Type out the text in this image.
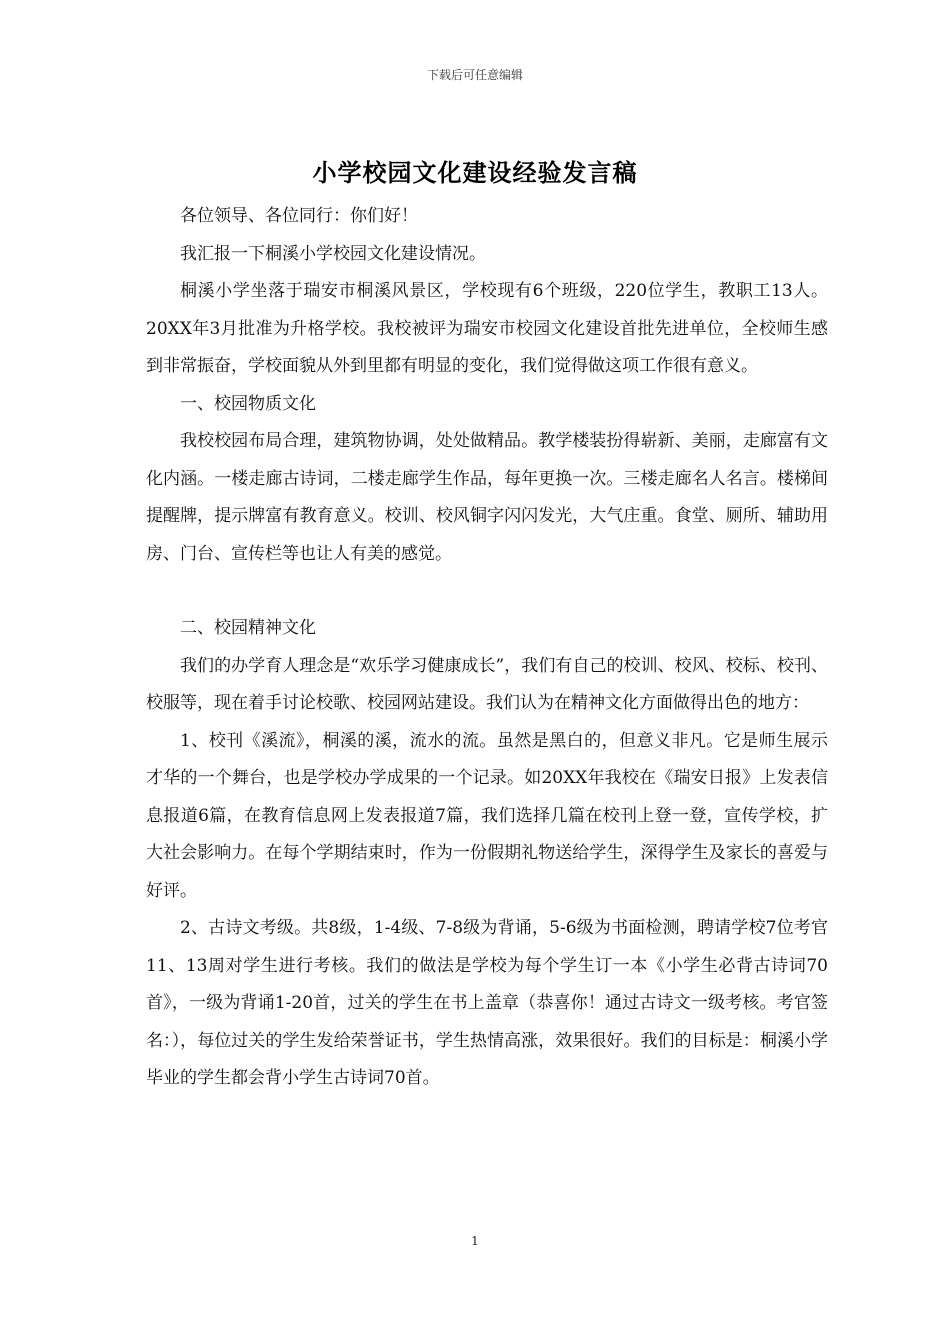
下载后可任意编辑
小学校园文化建设经验发言稿

各位领导、各位同行：你们好！

我汇报一下桐溪小学校园文化建设情况。

桐溪小学坐落于瑞安市桐溪风景区，学校现有6个班级，220位学生，教职工13人。20XX年3月批准为升格学校。我校被评为瑞安市校园文化建设首批先进单位，全校师生感到非常振奋，学校面貌从外到里都有明显的变化，我们觉得做这项工作很有意义。

一、校园物质文化

我校校园布局合理，建筑物协调，处处做精品。教学楼装扮得崭新、美丽，走廊富有文化内涵。一楼走廊古诗词，二楼走廊学生作品，每年更换一次。三楼走廊名人名言。楼梯间提醒牌，提示牌富有教育意义。校训、校风铜字闪闪发光，大气庄重。食堂、厕所、辅助用房、门台、宣传栏等也让人有美的感觉。

二、校园精神文化

我们的办学育人理念是“欢乐学习健康成长”，我们有自己的校训、校风、校标、校刊、校服等，现在着手讨论校歌、校园网站建设。我们认为在精神文化方面做得出色的地方：

1、校刊《溪流》，桐溪的溪，流水的流。虽然是黑白的，但意义非凡。它是师生展示才华的一个舞台，也是学校办学成果的一个记录。如20XX年我校在《瑞安日报》上发表信息报道6篇，在教育信息网上发表报道7篇，我们选择几篇在校刊上登一登，宣传学校，扩大社会影响力。在每个学期结束时，作为一份假期礼物送给学生，深得学生及家长的喜爱与好评。

2、古诗文考级。共8级，1-4级、7-8级为背诵，5-6级为书面检测，聘请学校7位考官11、13周对学生进行考核。我们的做法是学校为每个学生订一本《小学生必背古诗词70首》，一级为背诵1-20首，过关的学生在书上盖章（恭喜你！通过古诗文一级考核。考官签名：），每位过关的学生发给荣誉证书，学生热情高涨，效果很好。我们的目标是：桐溪小学毕业的学生都会背小学生古诗词70首。

1
